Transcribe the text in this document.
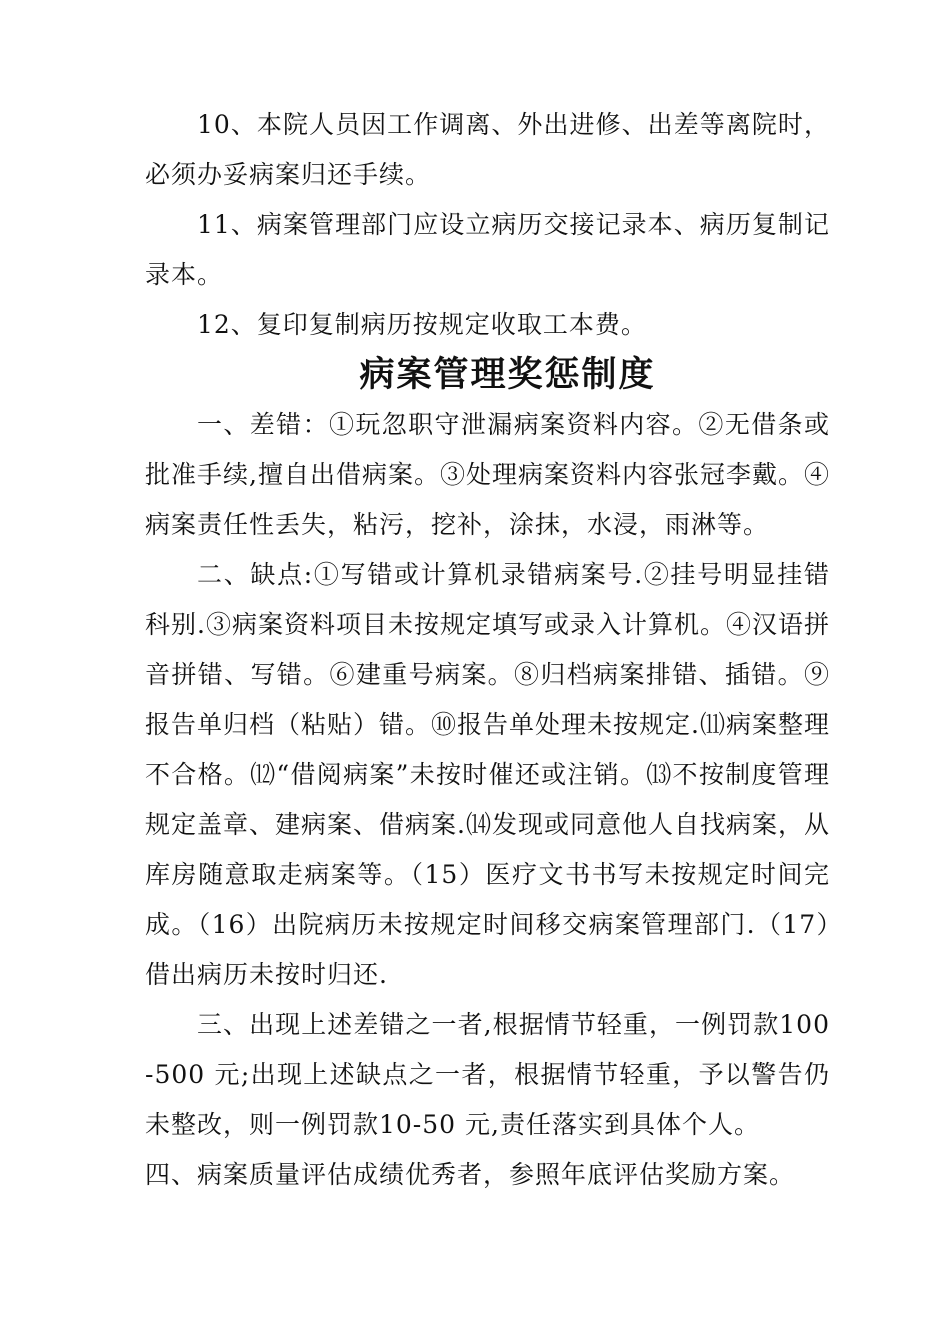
10、本院人员因工作调离、外出进修、出差等离院时，必须办妥病案归还手续。

11、病案管理部门应设立病历交接记录本、病历复制记录本。

12、复印复制病历按规定收取工本费。

病案管理奖惩制度

一、差错：①玩忽职守泄漏病案资料内容。②无借条或批准手续,擅自出借病案。③处理病案资料内容张冠李戴。④病案责任性丢失，粘污，挖补，涂抹，水浸，雨淋等。

二、缺点:①写错或计算机录错病案号.②挂号明显挂错科别.③病案资料项目未按规定填写或录入计算机。④汉语拼音拼错、写错。⑥建重号病案。⑧归档病案排错、插错。⑨报告单归档（粘贴）错。⑩报告单处理未按规定.⑾病案整理不合格。⑿“借阅病案”未按时催还或注销。⒀不按制度管理规定盖章、建病案、借病案.⒁发现或同意他人自找病案，从库房随意取走病案等。（15）医疗文书书写未按规定时间完成。（16）出院病历未按规定时间移交病案管理部门.（17）借出病历未按时归还.

三、出现上述差错之一者,根据情节轻重，一例罚款100-500 元;出现上述缺点之一者，根据情节轻重，予以警告仍未整改，则一例罚款10-50 元,责任落实到具体个人。

四、病案质量评估成绩优秀者，参照年底评估奖励方案。
